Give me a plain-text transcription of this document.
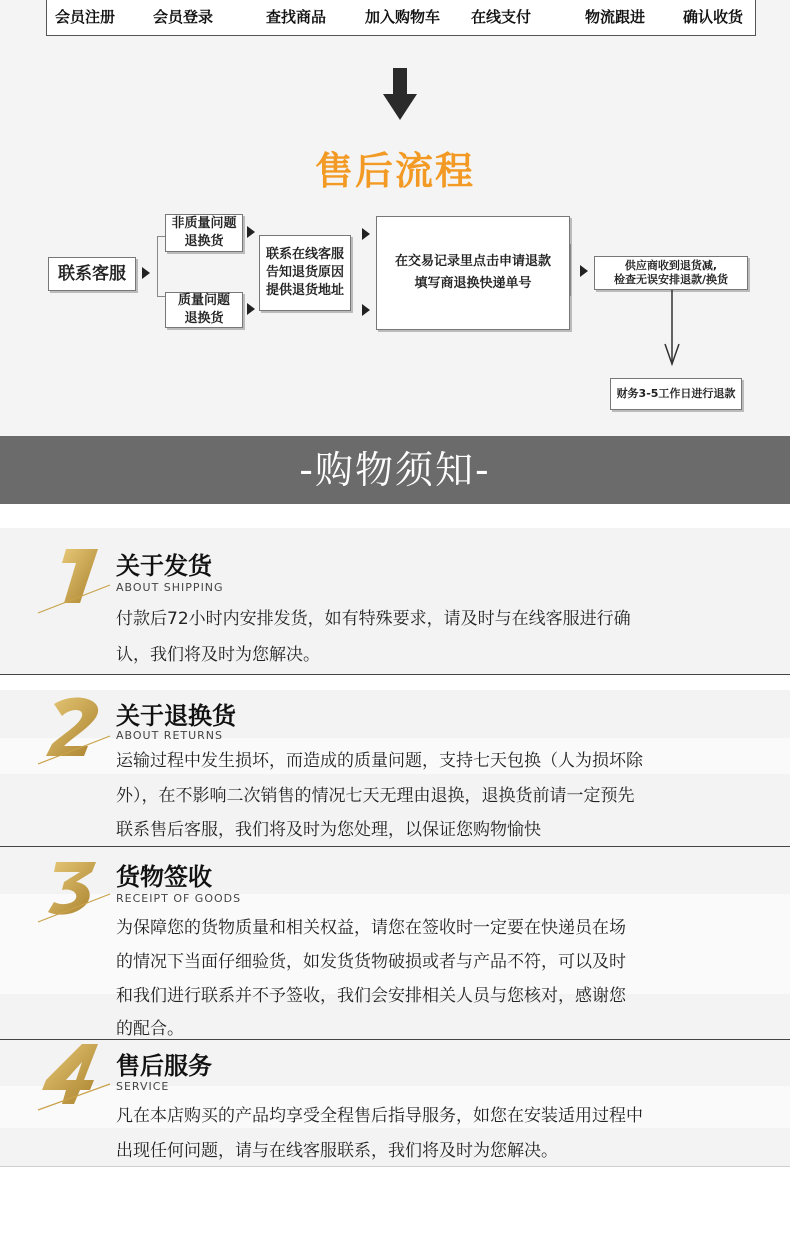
会员注册	会员登录	查找商品	加入购物车 在线支付	物流跟进	确认收货
售后流程
联系客服
非质量问题
退换货
质量问题
退换货
联系在线客服
告知退货原因
提供退货地址
在交易记录里点击申请退款
填写商退换快递单号
供应商收到退货减,
检查无误安排退款/换货
财务3-5工作日进行退款
-购物须知-
关于发货
ABOUT SHIPPING
付款后72小时内安排发货，如有特殊要求，请及时与在线客服进行确
认，我们将及时为您解决。
关于退换货
ABOUT RETURNS
运输过程中发生损坏，而造成的质量问题，支持七天包换（人为损坏除
外），在不影响二次销售的情况七天无理由退换，退换货前请一定预先
联系售后客服，我们将及时为您处理，以保证您购物愉快
货物签收
RECEIPT OF GOODS
为保障您的货物质量和相关权益，请您在签收时一定要在快递员在场
的情况下当面仔细验货，如发货货物破损或者与产品不符，可以及时
和我们进行联系并不予签收，我们会安排相关人员与您核对，感谢您
的配合。
售后服务
SERVICE
凡在本店购买的产品均享受全程售后指导服务，如您在安装适用过程中
出现任何问题，请与在线客服联系，我们将及时为您解决。
